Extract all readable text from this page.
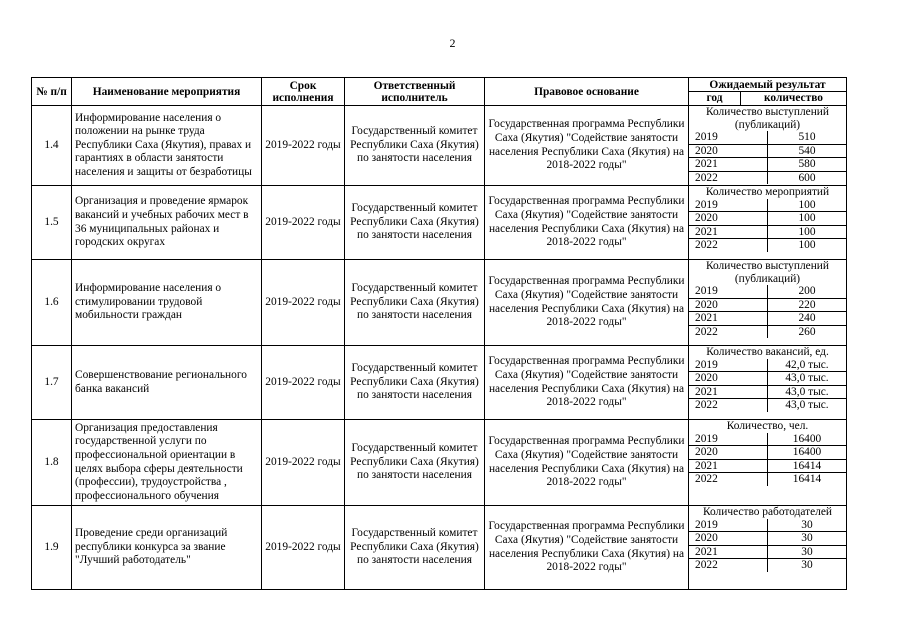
2
№ п/п	Наименование мероприятия	Срок исполнения	Ответственный исполнитель	Правовое основание	Ожидаемый результат

год	количество

1.4	Информирование населения о положении на рынке труда Республики Саха (Якутия), правах и гарантиях в области занятости населения и защиты от безработицы	2019-2022 годы	Государственный комитет Республики Саха (Якутия) по занятости населения	Государственная программа Республики Саха (Якутия) "Содействие занятости населения Республики Саха (Якутия) на 2018-2022 годы"	
Количество выступлений (публикаций)
2019	510
2020	540
2021	580
2022	600

1.5	Организация и проведение ярмарок вакансий и учебных рабочих мест в 36 муниципальных районах и городских округах	2019-2022 годы	Государственный комитет Республики Саха (Якутия) по занятости населения	Государственная программа Республики Саха (Якутия) "Содействие занятости населения Республики Саха (Якутия) на 2018-2022 годы"	
Количество мероприятий
2019	100
2020	100
2021	100
2022	100

1.6	Информирование населения о стимулировании трудовой мобильности граждан	2019-2022 годы	Государственный комитет Республики Саха (Якутия) по занятости населения	Государственная программа Республики Саха (Якутия) "Содействие занятости населения Республики Саха (Якутия) на 2018-2022 годы"	
Количество выступлений (публикаций)
2019	200
2020	220
2021	240
2022	260

1.7	Совершенствование регионального банка вакансий	2019-2022 годы	Государственный комитет Республики Саха (Якутия) по занятости населения	Государственная программа Республики Саха (Якутия) "Содействие занятости населения Республики Саха (Якутия) на 2018-2022 годы"	
Количество вакансий, ед.
2019	42,0 тыс.
2020	43,0 тыс.
2021	43,0 тыс.
2022	43,0 тыс.

1.8	Организация предоставления государственной услуги по профессиональной ориентации в целях выбора сферы деятельности (профессии), трудоустройства , профессионального обучения	2019-2022 годы	Государственный комитет Республики Саха (Якутия) по занятости населения	Государственная программа Республики Саха (Якутия) "Содействие занятости населения Республики Саха (Якутия) на 2018-2022 годы"	
Количество, чел.
2019	16400
2020	16400
2021	16414
2022	16414

1.9	Проведение среди организаций республики конкурса за звание "Лучший работодатель"	2019-2022 годы	Государственный комитет Республики Саха (Якутия) по занятости населения	Государственная программа Республики Саха (Якутия) "Содействие занятости населения Республики Саха (Якутия) на 2018-2022 годы"	
Количество работодателей
2019	30
2020	30
2021	30
2022	30
